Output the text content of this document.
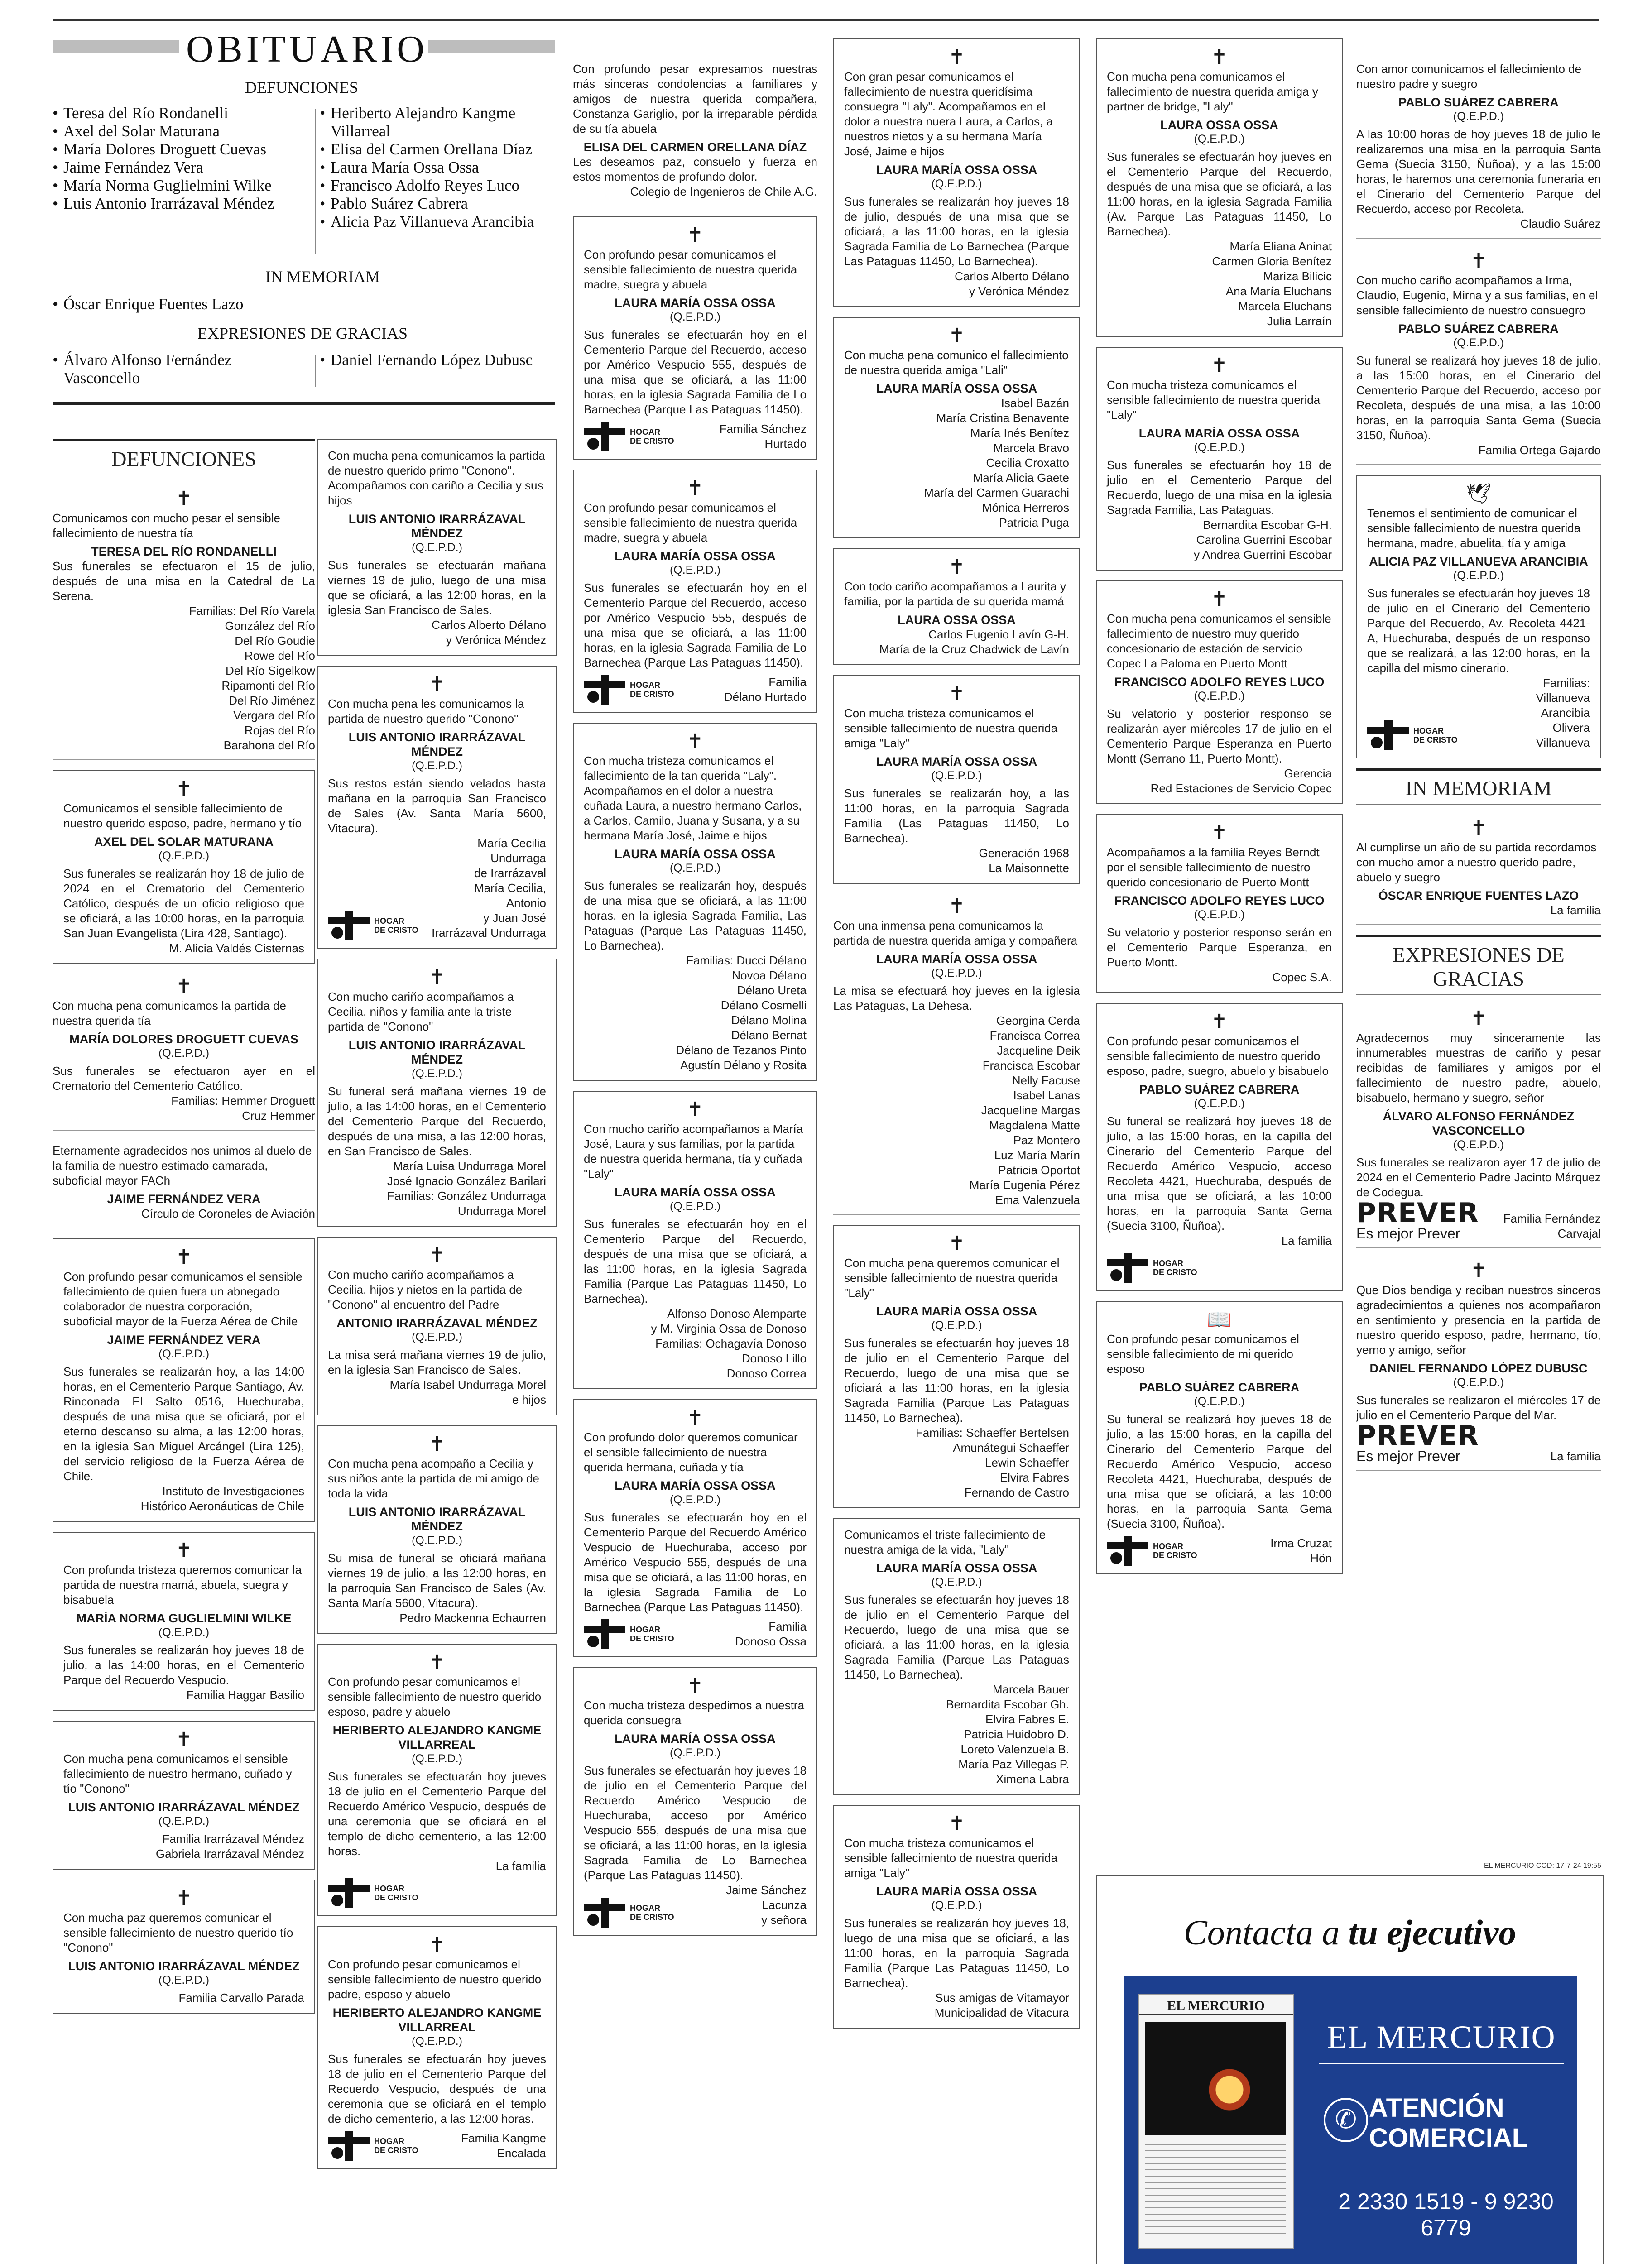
OBITUARIO
DEFUNCIONES
• Teresa del Río Rondanelli
• Axel del Solar Maturana
• María Dolores Droguett Cuevas
• Jaime Fernández Vera
• María Norma Guglielmini Wilke
• Luis Antonio Irarrázaval Méndez
• Heriberto Alejandro Kangme Villarreal
• Elisa del Carmen Orellana Díaz
• Laura María Ossa Ossa
• Francisco Adolfo Reyes Luco
• Pablo Suárez Cabrera
• Alicia Paz Villanueva Arancibia
IN MEMORIAM
• Óscar Enrique Fuentes Lazo
EXPRESIONES DE GRACIAS
• Álvaro Alfonso Fernández Vasconcello
• Daniel Fernando López Dubusc
DEFUNCIONES
✝
Comunicamos con mucho pesar el sensible fallecimiento de nuestra tía
TERESA DEL RÍO RONDANELLI
Sus funerales se efectuaron el 15 de julio, después de una misa en la Catedral de La Serena.
Familias: Del Río Varela
González del Río
Del Río Goudie
Rowe del Río
Del Río Sigelkow
Ripamonti del Río
Del Río Jiménez
Vergara del Río
Rojas del Río
Barahona del Río
✝
Comunicamos el sensible fallecimiento de nuestro querido esposo, padre, hermano y tío
AXEL DEL SOLAR MATURANA
(Q.E.P.D.)
Sus funerales se realizarán hoy 18 de julio de 2024 en el Crematorio del Cementerio Católico, después de un oficio religioso que se oficiará, a las 10:00 horas, en la parroquia San Juan Evangelista (Lira 428, Santiago).
M. Alicia Valdés Cisternas
✝
Con mucha pena comunicamos la partida de nuestra querida tía
MARÍA DOLORES DROGUETT CUEVAS
(Q.E.P.D.)
Sus funerales se efectuaron ayer en el Crematorio del Cementerio Católico.
Familias: Hemmer Droguett
Cruz Hemmer
Eternamente agradecidos nos unimos al duelo de la familia de nuestro estimado camarada, suboficial mayor FACh
JAIME FERNÁNDEZ VERA
Círculo de Coroneles de Aviación
✝
Con profundo pesar comunicamos el sensible fallecimiento de quien fuera un abnegado colaborador de nuestra corporación, suboficial mayor de la Fuerza Aérea de Chile
JAIME FERNÁNDEZ VERA
(Q.E.P.D.)
Sus funerales se realizarán hoy, a las 14:00 horas, en el Cementerio Parque Santiago, Av. Rinconada El Salto 0516, Huechuraba, después de una misa que se oficiará, por el eterno descanso su alma, a las 12:00 horas, en la iglesia San Miguel Arcángel (Lira 125), del servicio religioso de la Fuerza Aérea de Chile.
Instituto de Investigaciones
Histórico Aeronáuticas de Chile
✝
Con profunda tristeza queremos comunicar la partida de nuestra mamá, abuela, suegra y bisabuela
MARÍA NORMA GUGLIELMINI WILKE
(Q.E.P.D.)
Sus funerales se realizarán hoy jueves 18 de julio, a las 14:00 horas, en el Cementerio Parque del Recuerdo Vespucio.
Familia Haggar Basilio
✝
Con mucha pena comunicamos el sensible fallecimiento de nuestro hermano, cuñado y tío "Conono"
LUIS ANTONIO IRARRÁZAVAL MÉNDEZ
(Q.E.P.D.)
Familia Irarrázaval Méndez
Gabriela Irarrázaval Méndez
✝
Con mucha paz queremos comunicar el sensible fallecimiento de nuestro querido tío "Conono"
LUIS ANTONIO IRARRÁZAVAL MÉNDEZ
(Q.E.P.D.)
Familia Carvallo Parada
Con mucha pena comunicamos la partida de nuestro querido primo "Conono". Acompañamos con cariño a Cecilia y sus hijos
LUIS ANTONIO IRARRÁZAVAL MÉNDEZ
(Q.E.P.D.)
Sus funerales se efectuarán mañana viernes 19 de julio, luego de una misa que se oficiará, a las 12:00 horas, en la iglesia San Francisco de Sales.
Carlos Alberto Délano
y Verónica Méndez
✝
Con mucha pena les comunicamos la partida de nuestro querido "Conono"
LUIS ANTONIO IRARRÁZAVAL MÉNDEZ
(Q.E.P.D.)
Sus restos están siendo velados hasta mañana en la parroquia San Francisco de Sales (Av. Santa María 5600, Vitacura).
HOGAR
DE CRISTO
María Cecilia
Undurraga
de Irarrázaval
María Cecilia,
Antonio
y Juan José
Irarrázaval Undurraga
✝
Con mucho cariño acompañamos a Cecilia, niños y familia ante la triste partida de "Conono"
LUIS ANTONIO IRARRÁZAVAL MÉNDEZ
(Q.E.P.D.)
Su funeral será mañana viernes 19 de julio, a las 14:00 horas, en el Cementerio del Cementerio Parque del Recuerdo, después de una misa, a las 12:00 horas, en San Francisco de Sales.
María Luisa Undurraga Morel
José Ignacio González Barilari
Familias: González Undurraga
Undurraga Morel
✝
Con mucho cariño acompañamos a Cecilia, hijos y nietos en la partida de "Conono" al encuentro del Padre
ANTONIO IRARRÁZAVAL MÉNDEZ
(Q.E.P.D.)
La misa será mañana viernes 19 de julio, en la iglesia San Francisco de Sales.
María Isabel Undurraga Morel
e hijos
✝
Con mucha pena acompaño a Cecilia y sus niños ante la partida de mi amigo de toda la vida
LUIS ANTONIO IRARRÁZAVAL MÉNDEZ
(Q.E.P.D.)
Su misa de funeral se oficiará mañana viernes 19 de julio, a las 12:00 horas, en la parroquia San Francisco de Sales (Av. Santa María 5600, Vitacura).
Pedro Mackenna Echaurren
✝
Con profundo pesar comunicamos el sensible fallecimiento de nuestro querido esposo, padre y abuelo
HERIBERTO ALEJANDRO KANGME VILLARREAL
(Q.E.P.D.)
Sus funerales se efectuarán hoy jueves 18 de julio en el Cementerio Parque del Recuerdo Américo Vespucio, después de una ceremonia que se oficiará en el templo de dicho cementerio, a las 12:00 horas.
La familia
HOGAR
DE CRISTO
✝
Con profundo pesar comunicamos el sensible fallecimiento de nuestro querido padre, esposo y abuelo
HERIBERTO ALEJANDRO KANGME VILLARREAL
(Q.E.P.D.)
Sus funerales se efectuarán hoy jueves 18 de julio en el Cementerio Parque del Recuerdo Vespucio, después de una ceremonia que se oficiará en el templo de dicho cementerio, a las 12:00 horas.
HOGAR
DE CRISTO
Familia Kangme
Encalada
Con profundo pesar expresamos nuestras más sinceras condolencias a familiares y amigos de nuestra querida compañera, Constanza Gariglio, por la irreparable pérdida de su tía abuela
ELISA DEL CARMEN ORELLANA DÍAZ
Les deseamos paz, consuelo y fuerza en estos momentos de profundo dolor.
Colegio de Ingenieros de Chile A.G.
✝
Con profundo pesar comunicamos el sensible fallecimiento de nuestra querida madre, suegra y abuela
LAURA MARÍA OSSA OSSA
(Q.E.P.D.)
Sus funerales se efectuarán hoy en el Cementerio Parque del Recuerdo, acceso por Américo Vespucio 555, después de una misa que se oficiará, a las 11:00 horas, en la iglesia Sagrada Familia de Lo Barnechea (Parque Las Pataguas 11450).
HOGAR
DE CRISTO
Familia Sánchez
Hurtado
✝
Con profundo pesar comunicamos el sensible fallecimiento de nuestra querida madre, suegra y abuela
LAURA MARÍA OSSA OSSA
(Q.E.P.D.)
Sus funerales se efectuarán hoy en el Cementerio Parque del Recuerdo, acceso por Américo Vespucio 555, después de una misa que se oficiará, a las 11:00 horas, en la iglesia Sagrada Familia de Lo Barnechea (Parque Las Pataguas 11450).
HOGAR
DE CRISTO
Familia
Délano Hurtado
✝
Con mucha tristeza comunicamos el fallecimiento de la tan querida "Laly". Acompañamos en el dolor a nuestra cuñada Laura, a nuestro hermano Carlos, a Carlos, Camilo, Juana y Susana, y a su hermana María José, Jaime e hijos
LAURA MARÍA OSSA OSSA
(Q.E.P.D.)
Sus funerales se realizarán hoy, después de una misa que se oficiará, a las 11:00 horas, en la iglesia Sagrada Familia, Las Pataguas (Parque Las Pataguas 11450, Lo Barnechea).
Familias: Ducci Délano
Novoa Délano
Délano Ureta
Délano Cosmelli
Délano Molina
Délano Bernat
Délano de Tezanos Pinto
Agustín Délano y Rosita
✝
Con mucho cariño acompañamos a María José, Laura y sus familias, por la partida de nuestra querida hermana, tía y cuñada "Laly"
LAURA MARÍA OSSA OSSA
(Q.E.P.D.)
Sus funerales se efectuarán hoy en el Cementerio Parque del Recuerdo, después de una misa que se oficiará, a las 11:00 horas, en la iglesia Sagrada Familia (Parque Las Pataguas 11450, Lo Barnechea).
Alfonso Donoso Alemparte
y M. Virginia Ossa de Donoso
Familias: Ochagavía Donoso
Donoso Lillo
Donoso Correa
✝
Con profundo dolor queremos comunicar el sensible fallecimiento de nuestra querida hermana, cuñada y tía
LAURA MARÍA OSSA OSSA
(Q.E.P.D.)
Sus funerales se efectuarán hoy en el Cementerio Parque del Recuerdo Américo Vespucio de Huechuraba, acceso por Américo Vespucio 555, después de una misa que se oficiará, a las 11:00 horas, en la iglesia Sagrada Familia de Lo Barnechea (Parque Las Pataguas 11450).
HOGAR
DE CRISTO
Familia
Donoso Ossa
✝
Con mucha tristeza despedimos a nuestra querida consuegra
LAURA MARÍA OSSA OSSA
(Q.E.P.D.)
Sus funerales se efectuarán hoy jueves 18 de julio en el Cementerio Parque del Recuerdo Américo Vespucio de Huechuraba, acceso por Américo Vespucio 555, después de una misa que se oficiará, a las 11:00 horas, en la iglesia Sagrada Familia de Lo Barnechea (Parque Las Pataguas 11450).
HOGAR
DE CRISTO
Jaime Sánchez
Lacunza
y señora
✝
Con gran pesar comunicamos el fallecimiento de nuestra queridísima consuegra "Laly". Acompañamos en el dolor a nuestra nuera Laura, a Carlos, a nuestros nietos y a su hermana María José, Jaime e hijos
LAURA MARÍA OSSA OSSA
(Q.E.P.D.)
Sus funerales se realizarán hoy jueves 18 de julio, después de una misa que se oficiará, a las 11:00 horas, en la iglesia Sagrada Familia de Lo Barnechea (Parque Las Pataguas 11450, Lo Barnechea).
Carlos Alberto Délano
y Verónica Méndez
✝
Con mucha pena comunico el fallecimiento de nuestra querida amiga "Lali"
LAURA MARÍA OSSA OSSA
Isabel Bazán
María Cristina Benavente
María Inés Benítez
Marcela Bravo
Cecilia Croxatto
María Alicia Gaete
María del Carmen Guarachi
Mónica Herreros
Patricia Puga
✝
Con todo cariño acompañamos a Laurita y familia, por la partida de su querida mamá
LAURA OSSA OSSA
Carlos Eugenio Lavín G-H.
María de la Cruz Chadwick de Lavín
✝
Con mucha tristeza comunicamos el sensible fallecimiento de nuestra querida amiga "Laly"
LAURA MARÍA OSSA OSSA
(Q.E.P.D.)
Sus funerales se realizarán hoy, a las 11:00 horas, en la parroquia Sagrada Familia (Las Pataguas 11450, Lo Barnechea).
Generación 1968
La Maisonnette
✝
Con una inmensa pena comunicamos la partida de nuestra querida amiga y compañera
LAURA MARÍA OSSA OSSA
(Q.E.P.D.)
La misa se efectuará hoy jueves en la iglesia Las Pataguas, La Dehesa.
Georgina Cerda
Francisca Correa
Jacqueline Deik
Francisca Escobar
Nelly Facuse
Isabel Lanas
Jacqueline Margas
Magdalena Matte
Paz Montero
Luz María Marín
Patricia Oportot
María Eugenia Pérez
Ema Valenzuela
✝
Con mucha pena queremos comunicar el sensible fallecimiento de nuestra querida "Laly"
LAURA MARÍA OSSA OSSA
(Q.E.P.D.)
Sus funerales se efectuarán hoy jueves 18 de julio en el Cementerio Parque del Recuerdo, luego de una misa que se oficiará a las 11:00 horas, en la iglesia Sagrada Familia (Parque Las Pataguas 11450, Lo Barnechea).
Familias: Schaeffer Bertelsen
Amunátegui Schaeffer
Lewin Schaeffer
Elvira Fabres
Fernando de Castro
Comunicamos el triste fallecimiento de nuestra amiga de la vida, "Laly"
LAURA MARÍA OSSA OSSA
(Q.E.P.D.)
Sus funerales se efectuarán hoy jueves 18 de julio en el Cementerio Parque del Recuerdo, luego de una misa que se oficiará, a las 11:00 horas, en la iglesia Sagrada Familia (Parque Las Pataguas 11450, Lo Barnechea).
Marcela Bauer
Bernardita Escobar Gh.
Elvira Fabres E.
Patricia Huidobro D.
Loreto Valenzuela B.
María Paz Villegas P.
Ximena Labra
✝
Con mucha tristeza comunicamos el sensible fallecimiento de nuestra querida amiga "Laly"
LAURA MARÍA OSSA OSSA
(Q.E.P.D.)
Sus funerales se realizarán hoy jueves 18, luego de una misa que se oficiará, a las 11:00 horas, en la parroquia Sagrada Familia (Parque Las Pataguas 11450, Lo Barnechea).
Sus amigas de Vitamayor
Municipalidad de Vitacura
✝
Con mucha pena comunicamos el fallecimiento de nuestra querida amiga y partner de bridge, "Laly"
LAURA OSSA OSSA
(Q.E.P.D.)
Sus funerales se efectuarán hoy jueves en el Cementerio Parque del Recuerdo, después de una misa que se oficiará, a las 11:00 horas, en la iglesia Sagrada Familia (Av. Parque Las Pataguas 11450, Lo Barnechea).
María Eliana Aninat
Carmen Gloria Benítez
Mariza Bilicic
Ana María Eluchans
Marcela Eluchans
Julia Larraín
✝
Con mucha tristeza comunicamos el sensible fallecimiento de nuestra querida "Laly"
LAURA MARÍA OSSA OSSA
(Q.E.P.D.)
Sus funerales se efectuarán hoy 18 de julio en el Cementerio Parque del Recuerdo, luego de una misa en la iglesia Sagrada Familia, Las Pataguas.
Bernardita Escobar G-H.
Carolina Guerrini Escobar
y Andrea Guerrini Escobar
✝
Con mucha pena comunicamos el sensible fallecimiento de nuestro muy querido concesionario de estación de servicio Copec La Paloma en Puerto Montt
FRANCISCO ADOLFO REYES LUCO
(Q.E.P.D.)
Su velatorio y posterior responso se realizarán ayer miércoles 17 de julio en el Cementerio Parque Esperanza en Puerto Montt (Serrano 11, Puerto Montt).
Gerencia
Red Estaciones de Servicio Copec
✝
Acompañamos a la familia Reyes Berndt por el sensible fallecimiento de nuestro querido concesionario de Puerto Montt
FRANCISCO ADOLFO REYES LUCO
(Q.E.P.D.)
Su velatorio y posterior responso serán en el Cementerio Parque Esperanza, en Puerto Montt.
Copec S.A.
✝
Con profundo pesar comunicamos el sensible fallecimiento de nuestro querido esposo, padre, suegro, abuelo y bisabuelo
PABLO SUÁREZ CABRERA
(Q.E.P.D.)
Su funeral se realizará hoy jueves 18 de julio, a las 15:00 horas, en la capilla del Cinerario del Cementerio Parque del Recuerdo Américo Vespucio, acceso Recoleta 4421, Huechuraba, después de una misa que se oficiará, a las 10:00 horas, en la parroquia Santa Gema (Suecia 3100, Ñuñoa).
La familia
HOGAR
DE CRISTO
📖
Con profundo pesar comunicamos el sensible fallecimiento de mi querido esposo
PABLO SUÁREZ CABRERA
(Q.E.P.D.)
Su funeral se realizará hoy jueves 18 de julio, a las 15:00 horas, en la capilla del Cinerario del Cementerio Parque del Recuerdo Américo Vespucio, acceso Recoleta 4421, Huechuraba, después de una misa que se oficiará, a las 10:00 horas, en la parroquia Santa Gema (Suecia 3100, Ñuñoa).
HOGAR
DE CRISTO
Irma Cruzat
Hön
Con amor comunicamos el fallecimiento de nuestro padre y suegro
PABLO SUÁREZ CABRERA
(Q.E.P.D.)
A las 10:00 horas de hoy jueves 18 de julio le realizaremos una misa en la parroquia Santa Gema (Suecia 3150, Ñuñoa), y a las 15:00 horas, le haremos una ceremonia funeraria en el Cinerario del Cementerio Parque del Recuerdo, acceso por Recoleta.
Claudio Suárez
✝
Con mucho cariño acompañamos a Irma, Claudio, Eugenio, Mirna y a sus familias, en el sensible fallecimiento de nuestro consuegro
PABLO SUÁREZ CABRERA
(Q.E.P.D.)
Su funeral se realizará hoy jueves 18 de julio, a las 15:00 horas, en el Cinerario del Cementerio Parque del Recuerdo, acceso por Recoleta, después de una misa, a las 10:00 horas, en la parroquia Santa Gema (Suecia 3150, Ñuñoa).
Familia Ortega Gajardo
🕊
Tenemos el sentimiento de comunicar el sensible fallecimiento de nuestra querida hermana, madre, abuelita, tía y amiga
ALICIA PAZ VILLANUEVA ARANCIBIA
(Q.E.P.D.)
Sus funerales se efectuarán hoy jueves 18 de julio en el Cinerario del Cementerio Parque del Recuerdo, Av. Recoleta 4421-A, Huechuraba, después de un responso que se realizará, a las 12:00 horas, en la capilla del mismo cinerario.
HOGAR
DE CRISTO
Familias:
Villanueva
Arancibia
Olivera
Villanueva
IN MEMORIAM
✝
Al cumplirse un año de su partida recordamos con mucho amor a nuestro querido padre, abuelo y suegro
ÓSCAR ENRIQUE FUENTES LAZO
La familia
EXPRESIONES DE GRACIAS
✝
Agradecemos muy sinceramente las innumerables muestras de cariño y pesar recibidas de familiares y amigos por el fallecimiento de nuestro padre, abuelo, bisabuelo, hermano y suegro, señor
ÁLVARO ALFONSO FERNÁNDEZ VASCONCELLO
(Q.E.P.D.)
Sus funerales se realizaron ayer 17 de julio de 2024 en el Cementerio Padre Jacinto Márquez de Codegua.
PREVER
Es mejor Prever
Familia Fernández
Carvajal
✝
Que Dios bendiga y reciban nuestros sinceros agradecimientos a quienes nos acompañaron en sentimiento y presencia en la partida de nuestro querido esposo, padre, hermano, tío, yerno y amigo, señor
DANIEL FERNANDO LÓPEZ DUBUSC
(Q.E.P.D.)
Sus funerales se realizaron el miércoles 17 de julio en el Cementerio Parque del Mar.
PREVER
Es mejor Prever	La familia
EL MERCURIO COD: 17-7-24 19:55
Contacta a tu ejecutivo
EL MERCURIO
EL MERCURIO
✆ ATENCIÓN
COMERCIAL
2 2330 1519 - 9 9230 6779
